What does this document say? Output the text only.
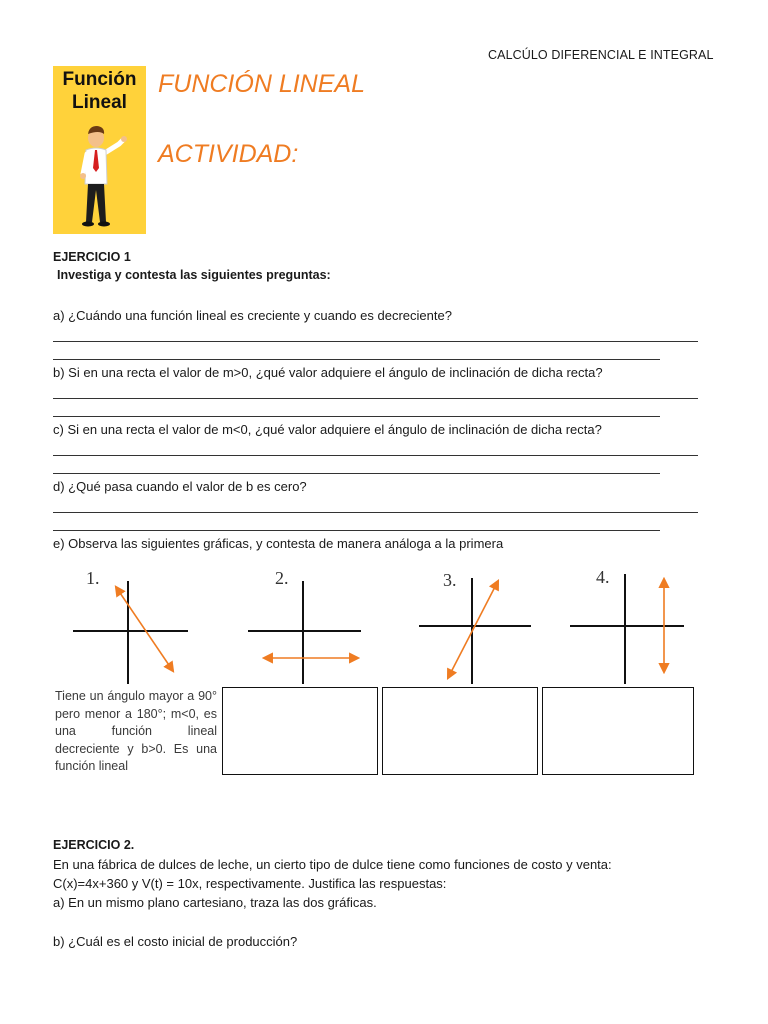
CALCÚLO DIFERENCIAL E INTEGRAL
Función
Lineal
FUNCIÓN LINEAL
ACTIVIDAD:
EJERCICIO 1
Investiga y contesta las siguientes preguntas:
a) ¿Cuándo una función lineal es creciente y cuando es decreciente?
b) Si en una recta el valor de m>0, ¿qué valor adquiere el ángulo de inclinación de dicha recta?
c) Si en una recta el valor de m<0, ¿qué valor adquiere el ángulo de inclinación de dicha recta?
d) ¿Qué pasa cuando el valor de b es cero?
e) Observa las siguientes gráficas, y contesta de manera análoga a la primera
1.	2.	3.	4.
Tiene un ángulo mayor a 90° pero menor a 180°; m<0, es una función lineal decreciente y b>0. Es una función lineal
EJERCICIO 2.
En una fábrica de dulces de leche, un cierto tipo de dulce tiene como funciones de costo y venta:
C(x)=4x+360 y V(t) = 10x, respectivamente. Justifica las respuestas:
a) En un mismo plano cartesiano, traza las dos gráficas.
b) ¿Cuál es el costo inicial de producción?
